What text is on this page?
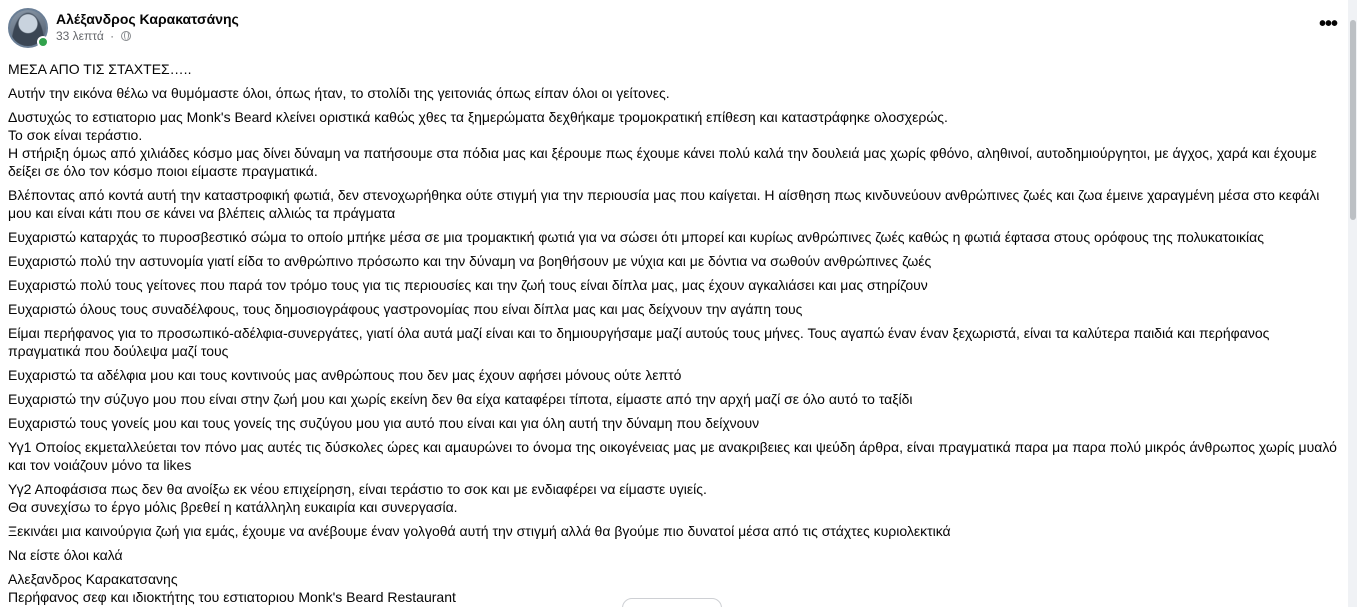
Αλέξανδρος Καρακατσάνης
33 λεπτά ·
•••
ΜΕΣΑ ΑΠΟ ΤΙΣ ΣΤΑΧΤΕΣ…..
Αυτήν την εικόνα θέλω να θυμόμαστε όλοι, όπως ήταν, το στολίδι της γειτονιάς όπως είπαν όλοι οι γείτονες.
Δυστυχώς το εστιατοριο μας Monk's Beard κλείνει οριστικά καθώς χθες τα ξημερώματα δεχθήκαμε τρομοκρατική επίθεση και καταστράφηκε ολοσχερώς.
Το σοκ είναι τεράστιο.
Η στήριξη όμως από χιλιάδες κόσμο μας δίνει δύναμη να πατήσουμε στα πόδια μας και ξέρουμε πως έχουμε κάνει πολύ καλά την δουλειά μας χωρίς φθόνο, αληθινοί, αυτοδημιούργητοι, με άγχος, χαρά και έχουμε δείξει σε όλο τον κόσμο ποιοι είμαστε πραγματικά.
Βλέποντας από κοντά αυτή την καταστροφική φωτιά, δεν στενοχωρήθηκα ούτε στιγμή για την περιουσία μας που καίγεται. Η αίσθηση πως κινδυνεύουν ανθρώπινες ζωές και ζωα έμεινε χαραγμένη μέσα στο κεφάλι μου και είναι κάτι που σε κάνει να βλέπεις αλλιώς τα πράγματα
Ευχαριστώ καταρχάς το πυροσβεστικό σώμα το οποίο μπήκε μέσα σε μια τρομακτική φωτιά για να σώσει ότι μπορεί και κυρίως ανθρώπινες ζωές καθώς η φωτιά έφτασα στους ορόφους της πολυκατοικίας
Ευχαριστώ πολύ την αστυνομία γιατί είδα το ανθρώπινο πρόσωπο και την δύναμη να βοηθήσουν με νύχια και με δόντια να σωθούν ανθρώπινες ζωές
Ευχαριστώ πολύ τους γείτονες που παρά τον τρόμο τους για τις περιουσίες και την ζωή τους είναι δίπλα μας, μας έχουν αγκαλιάσει και μας στηρίζουν
Ευχαριστώ όλους τους συναδέλφους, τους δημοσιογράφους γαστρονομίας που είναι δίπλα μας και μας δείχνουν την αγάπη τους
Είμαι περήφανος για το προσωπικό-αδέλφια-συνεργάτες, γιατί όλα αυτά μαζί είναι και το δημιουργήσαμε μαζί αυτούς τους μήνες. Τους αγαπώ έναν έναν ξεχωριστά, είναι τα καλύτερα παιδιά και περήφανος πραγματικά που δούλεψα μαζί τους
Ευχαριστώ τα αδέλφια μου και τους κοντινούς μας ανθρώπους που δεν μας έχουν αφήσει μόνους ούτε λεπτό
Ευχαριστώ την σύζυγο μου που είναι στην ζωή μου και χωρίς εκείνη δεν θα είχα καταφέρει τίποτα, είμαστε από την αρχή μαζί σε όλο αυτό το ταξίδι
Ευχαριστώ τους γονείς μου και τους γονείς της συζύγου μου για αυτό που είναι και για όλη αυτή την δύναμη που δείχνουν
Υγ1 Οποίος εκμεταλλεύεται τον πόνο μας αυτές τις δύσκολες ώρες και αμαυρώνει το όνομα της οικογένειας μας με ανακριβειες και ψεύδη άρθρα, είναι πραγματικά παρα μα παρα πολύ μικρός άνθρωπος χωρίς μυαλό και τον νοιάζουν μόνο τα likes
Υγ2 Αποφάσισα πως δεν θα ανοίξω εκ νέου επιχείρηση, είναι τεράστιο το σοκ και με ενδιαφέρει να είμαστε υγιείς.
Θα συνεχίσω το έργο μόλις βρεθεί η κατάλληλη ευκαιρία και συνεργασία.
Ξεκινάει μια καινούργια ζωή για εμάς, έχουμε να ανέβουμε έναν γολγοθά αυτή την στιγμή αλλά θα βγούμε πιο δυνατοί μέσα από τις στάχτες κυριολεκτικά
Να είστε όλοι καλά
Αλεξανδρος Καρακατσανης
Περήφανος σεφ και ιδιοκτήτης του εστιατοριου Monk's Beard Restaurant
